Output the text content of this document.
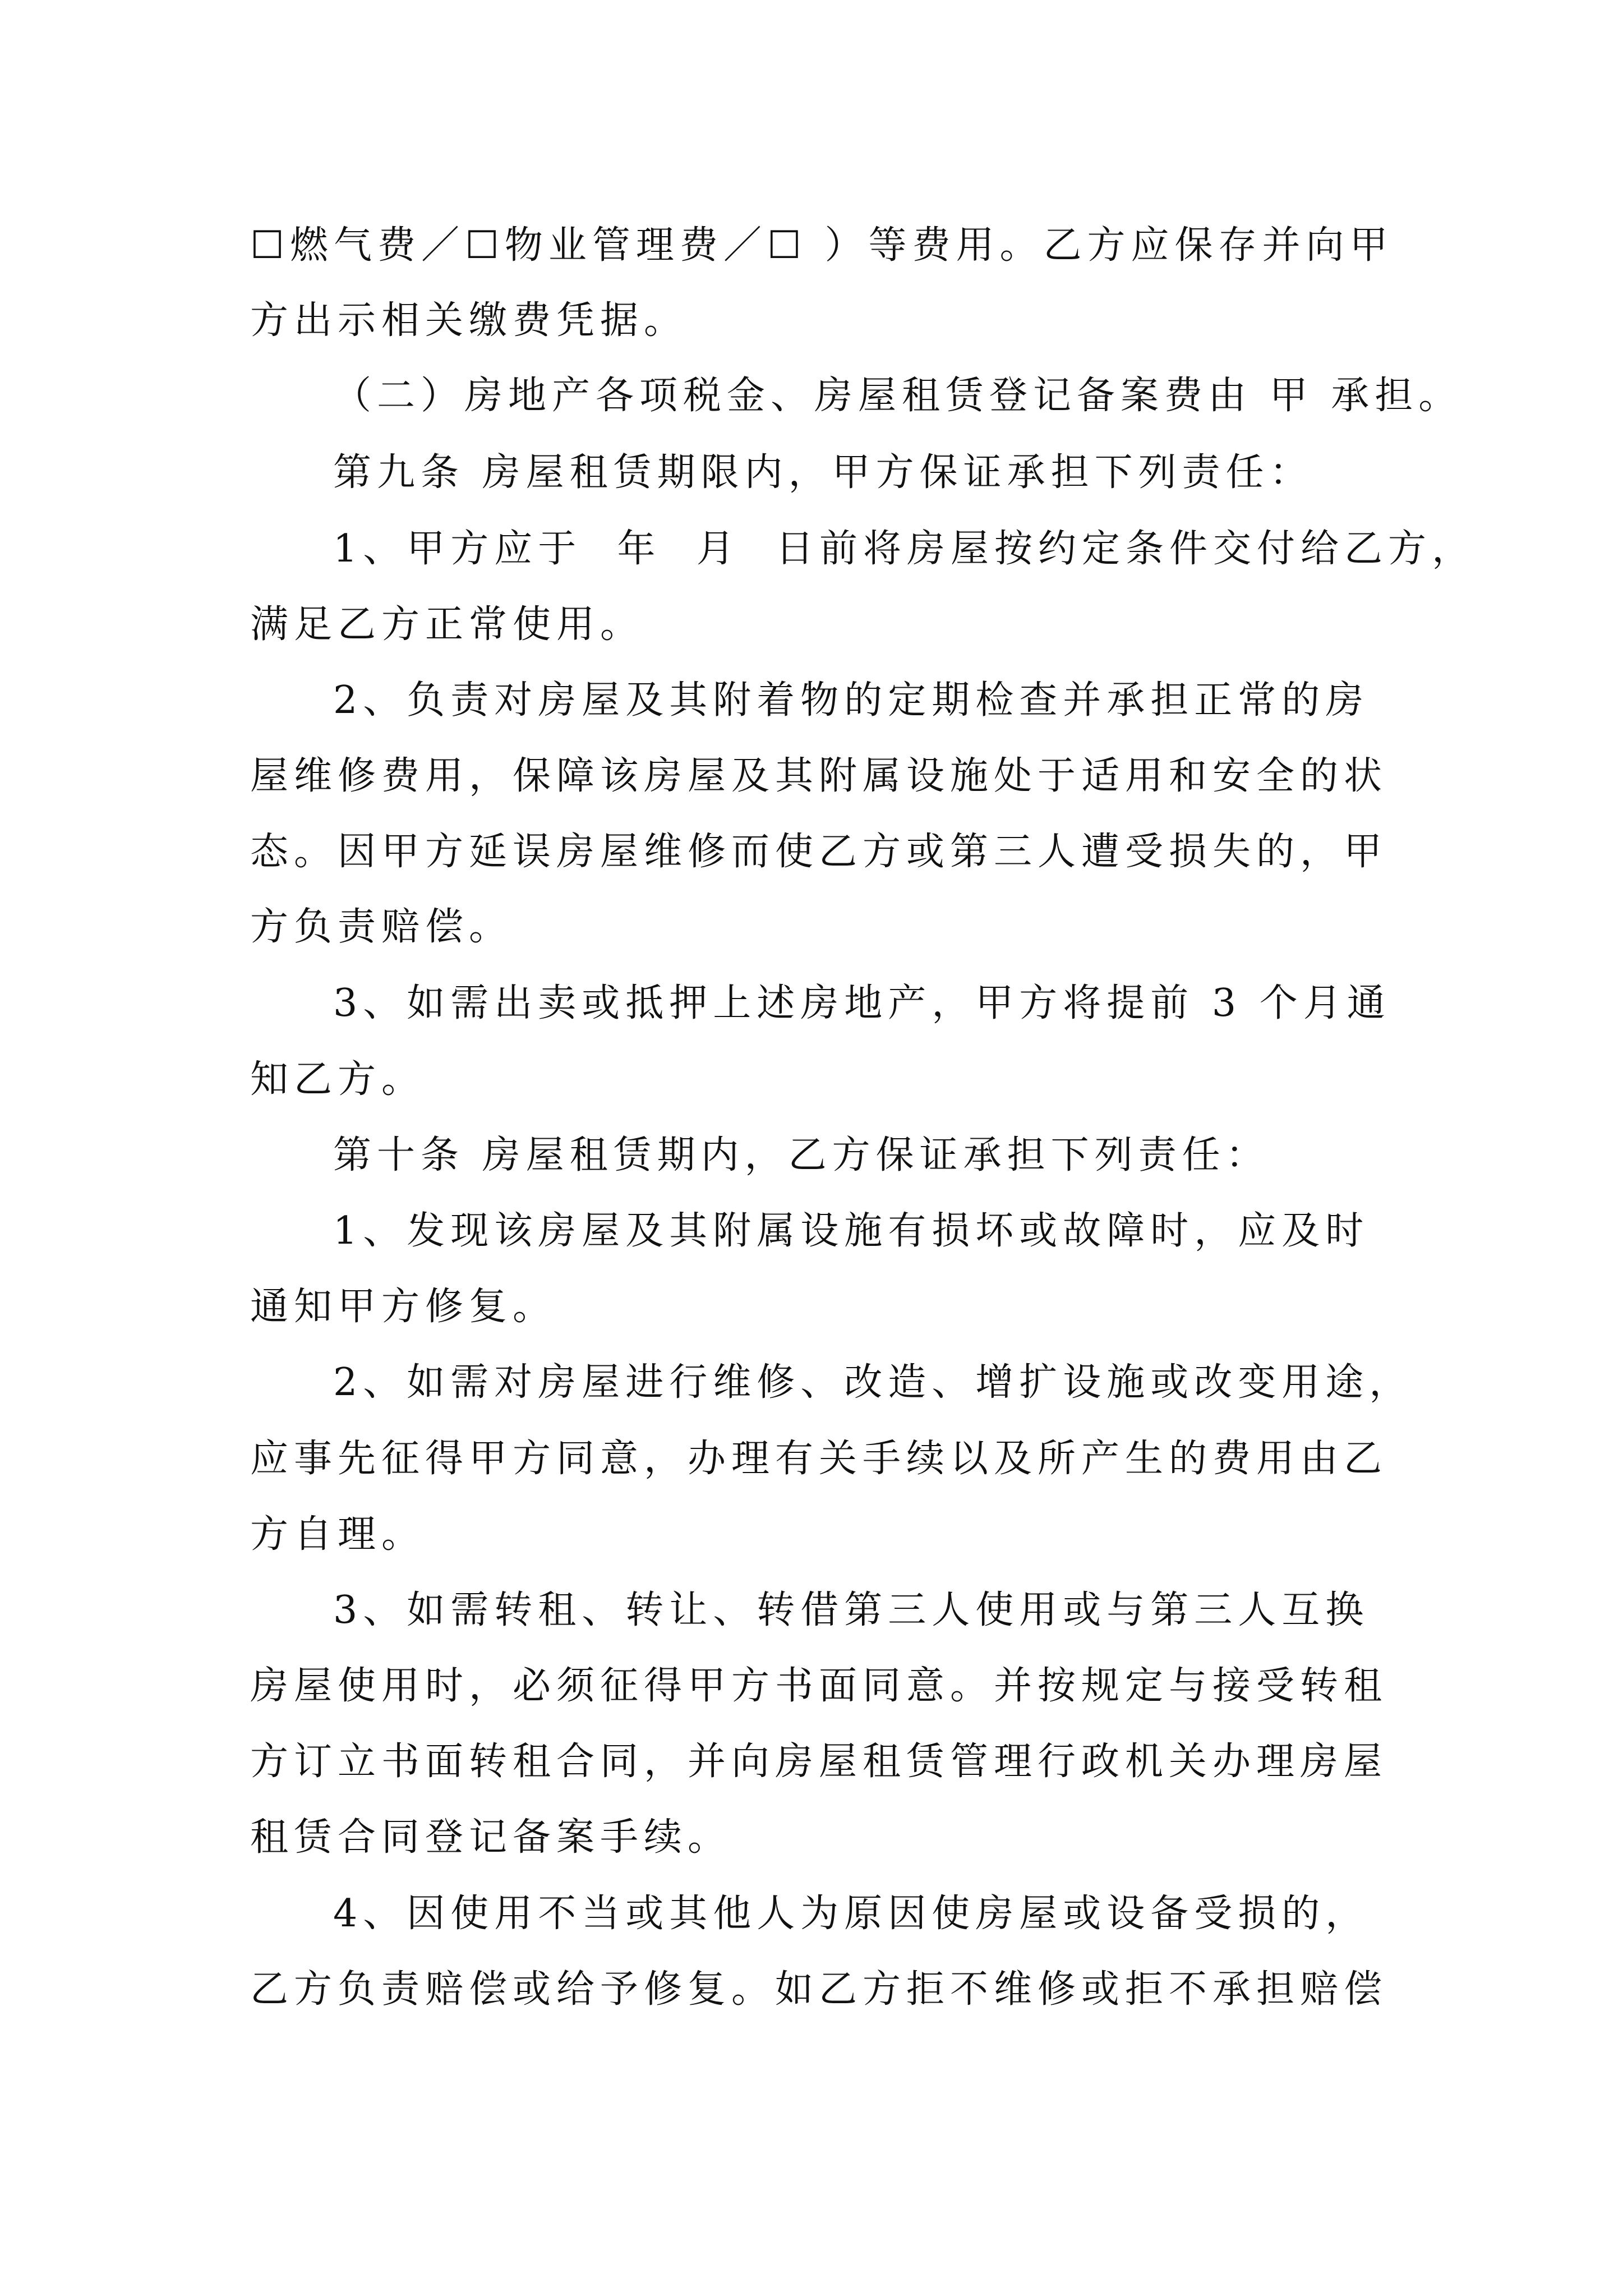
☐燃气费／☐物业管理费／☐ ）等费用。乙方应保存并向甲

方出示相关缴费凭据。

（二）房地产各项税金、房屋租赁登记备案费由 甲 承担。

第九条 房屋租赁期限内，甲方保证承担下列责任：

1、甲方应于  年  月  日前将房屋按约定条件交付给乙方，

满足乙方正常使用。

2、负责对房屋及其附着物的定期检查并承担正常的房

屋维修费用，保障该房屋及其附属设施处于适用和安全的状

态。因甲方延误房屋维修而使乙方或第三人遭受损失的，甲

方负责赔偿。

3、如需出卖或抵押上述房地产，甲方将提前 3 个月通

知乙方。

第十条 房屋租赁期内，乙方保证承担下列责任：

1、发现该房屋及其附属设施有损坏或故障时，应及时

通知甲方修复。

2、如需对房屋进行维修、改造、增扩设施或改变用途，

应事先征得甲方同意，办理有关手续以及所产生的费用由乙

方自理。

3、如需转租、转让、转借第三人使用或与第三人互换

房屋使用时，必须征得甲方书面同意。并按规定与接受转租

方订立书面转租合同，并向房屋租赁管理行政机关办理房屋

租赁合同登记备案手续。

4、因使用不当或其他人为原因使房屋或设备受损的，

乙方负责赔偿或给予修复。如乙方拒不维修或拒不承担赔偿
